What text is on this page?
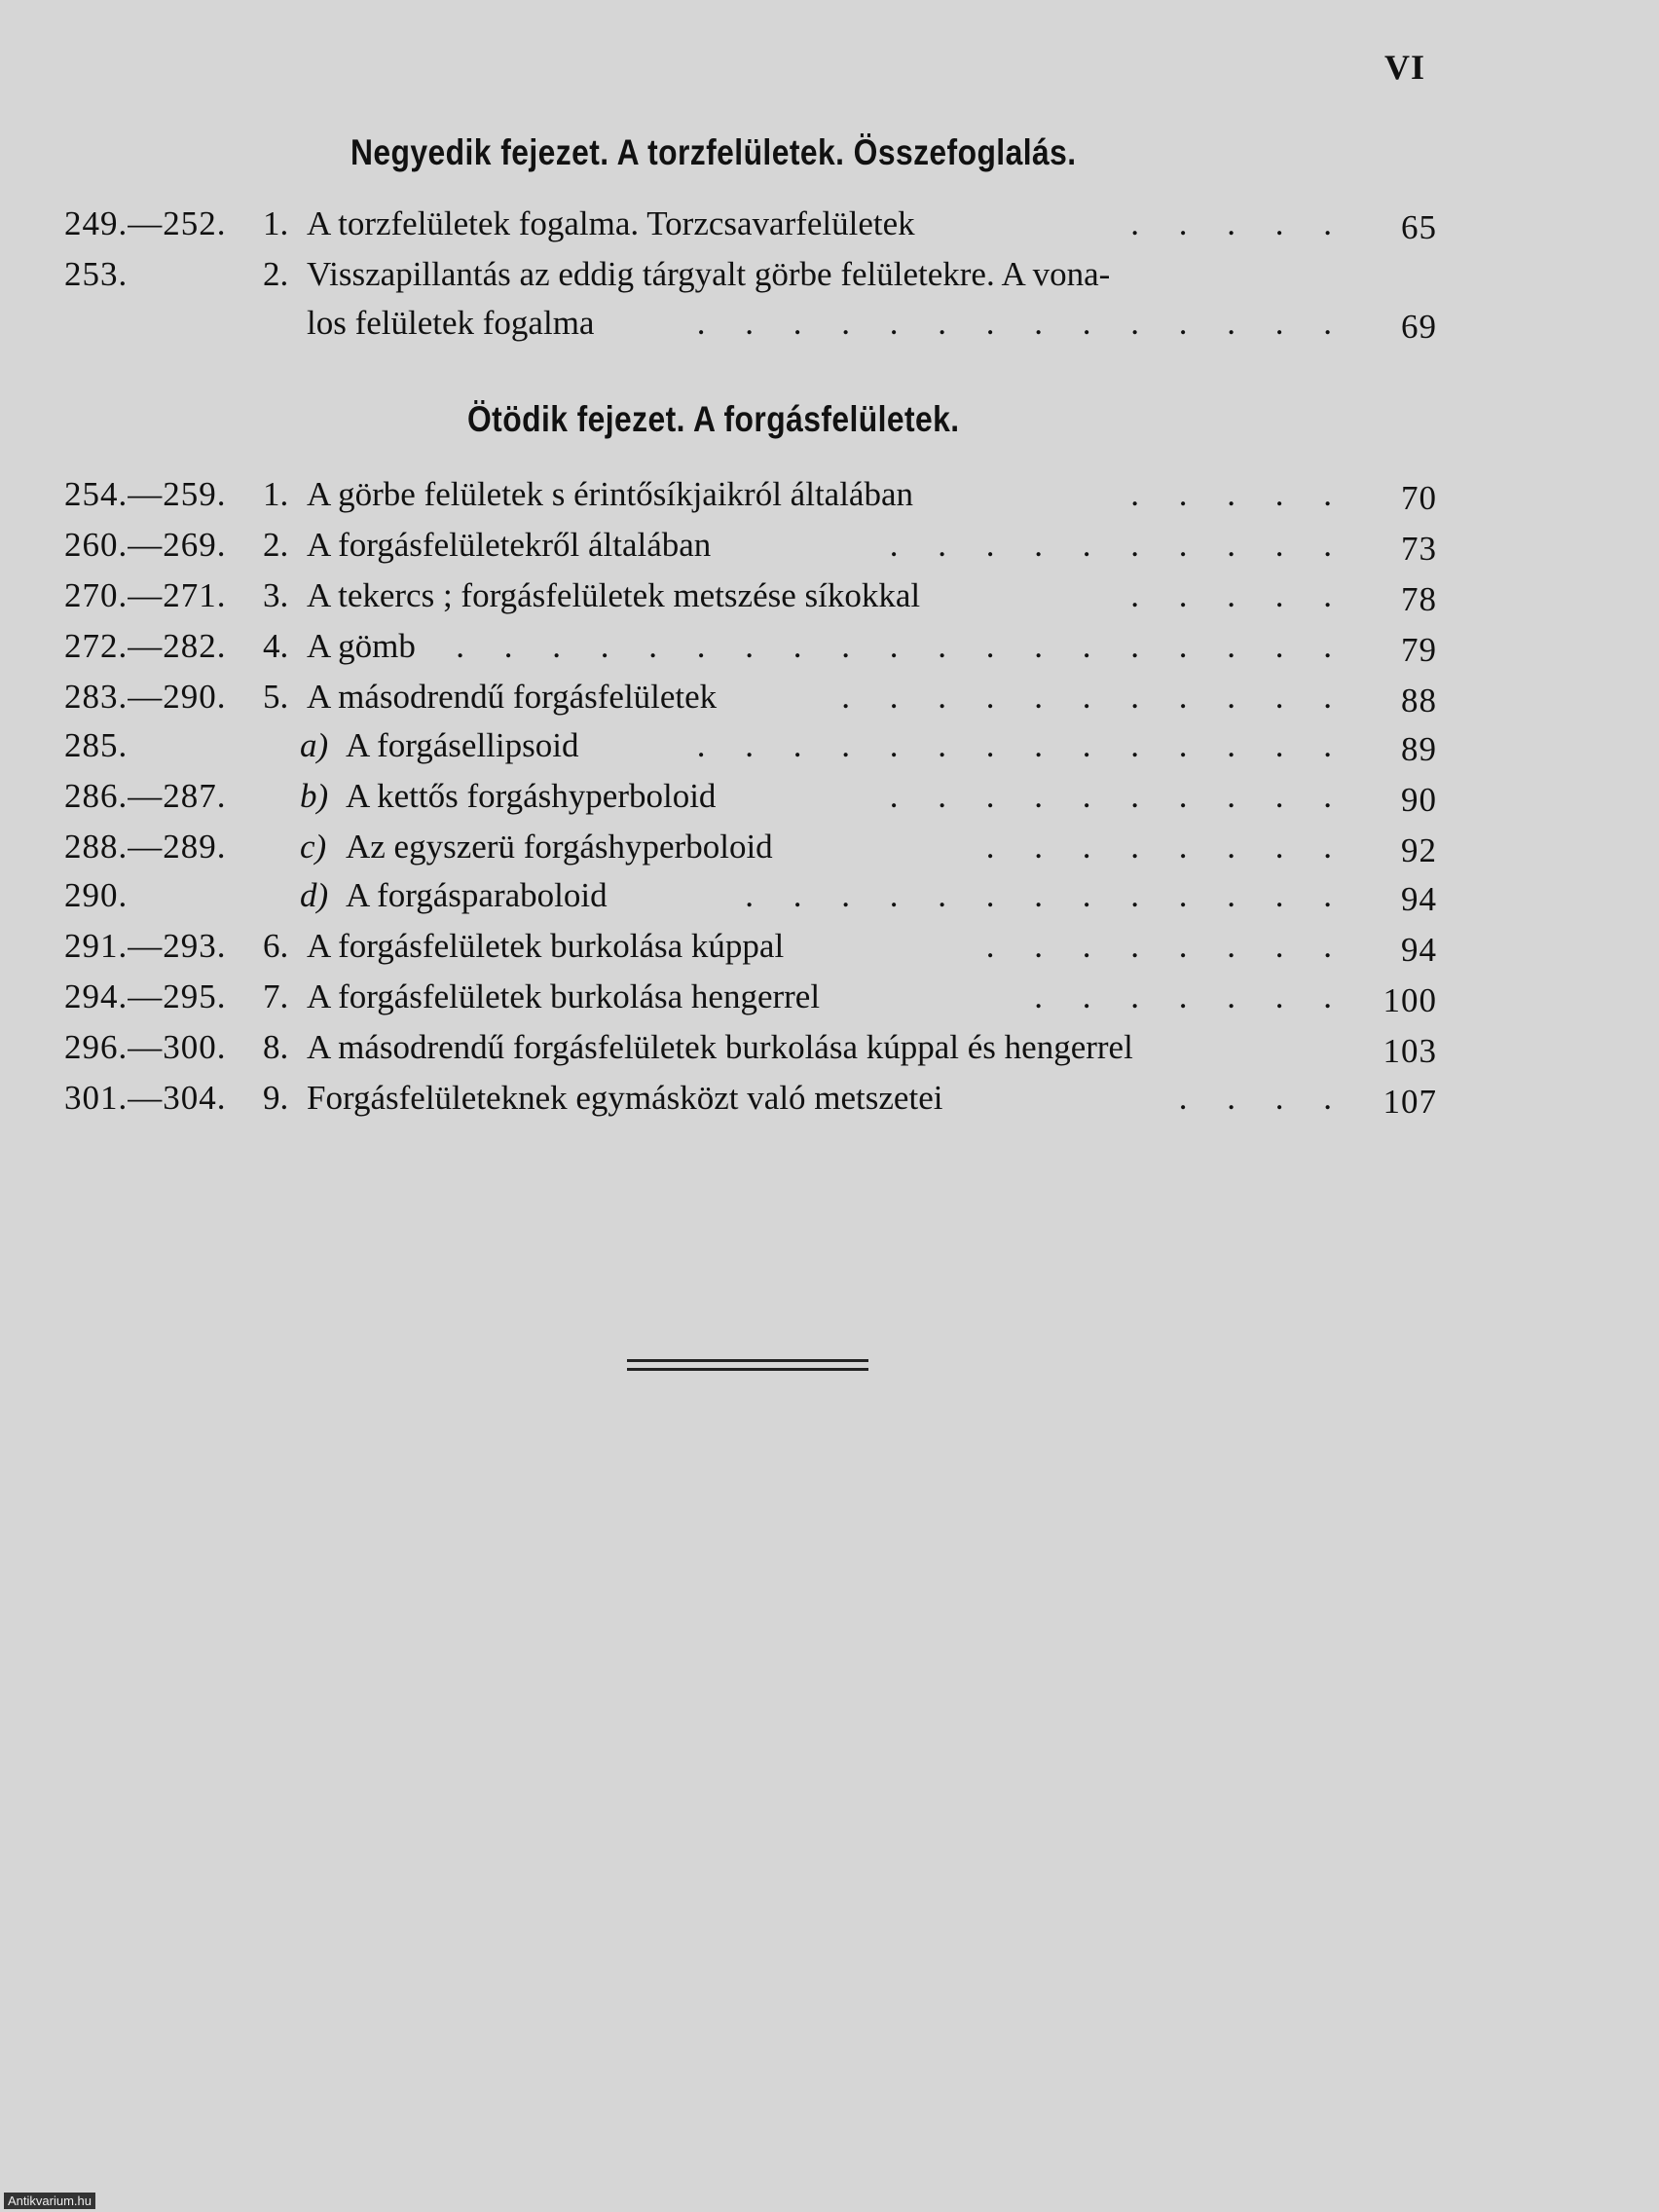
VI
Negyedik fejezet. A torzfelületek. Összefoglalás.
249.—252. 1. A torzfelületek fogalma. Torzcsavarfelületek	. . . . . 65
253.	2. Visszapillantás az eddig tárgyalt görbe felületekre. A vona-
los felületek fogalma	. . . . . . . . . . . . . . 69
Ötödik fejezet. A forgásfelületek.
254.—259. 1. A görbe felületek s érintősíkjaikról általában	. . . . . 70
260.—269. 2. A forgásfelületekről általában	. . . . . . . . . . 73
270.—271. 3. A tekercs ; forgásfelületek metszése síkokkal	. . . . . 78
272.—282. 4. A gömb . . . . . . . . . . . . . . . . . . . 79
283.—290. 5. A másodrendű forgásfelületek	. . . . . . . . . . . 88
285.	a) A forgásellipsoid	. . . . . . . . . . . . . . 89
286.—287. b) A kettős forgáshyperboloid	. . . . . . . . . . 90
288.—289. c) Az egyszerü forgáshyperboloid	. . . . . . . . 92
290.	d) A forgásparaboloid	. . . . . . . . . . . . . 94
291.—293. 6. A forgásfelületek burkolása kúppal	. . . . . . . . 94
294.—295. 7. A forgásfelületek burkolása hengerrel	. . . . . . . 100
296.—300. 8. A másodrendű forgásfelületek burkolása kúppal és hengerrel	103
301.—304. 9. Forgásfelületeknek egymásközt való metszetei	. . . . 107
Antikvarium.hu
